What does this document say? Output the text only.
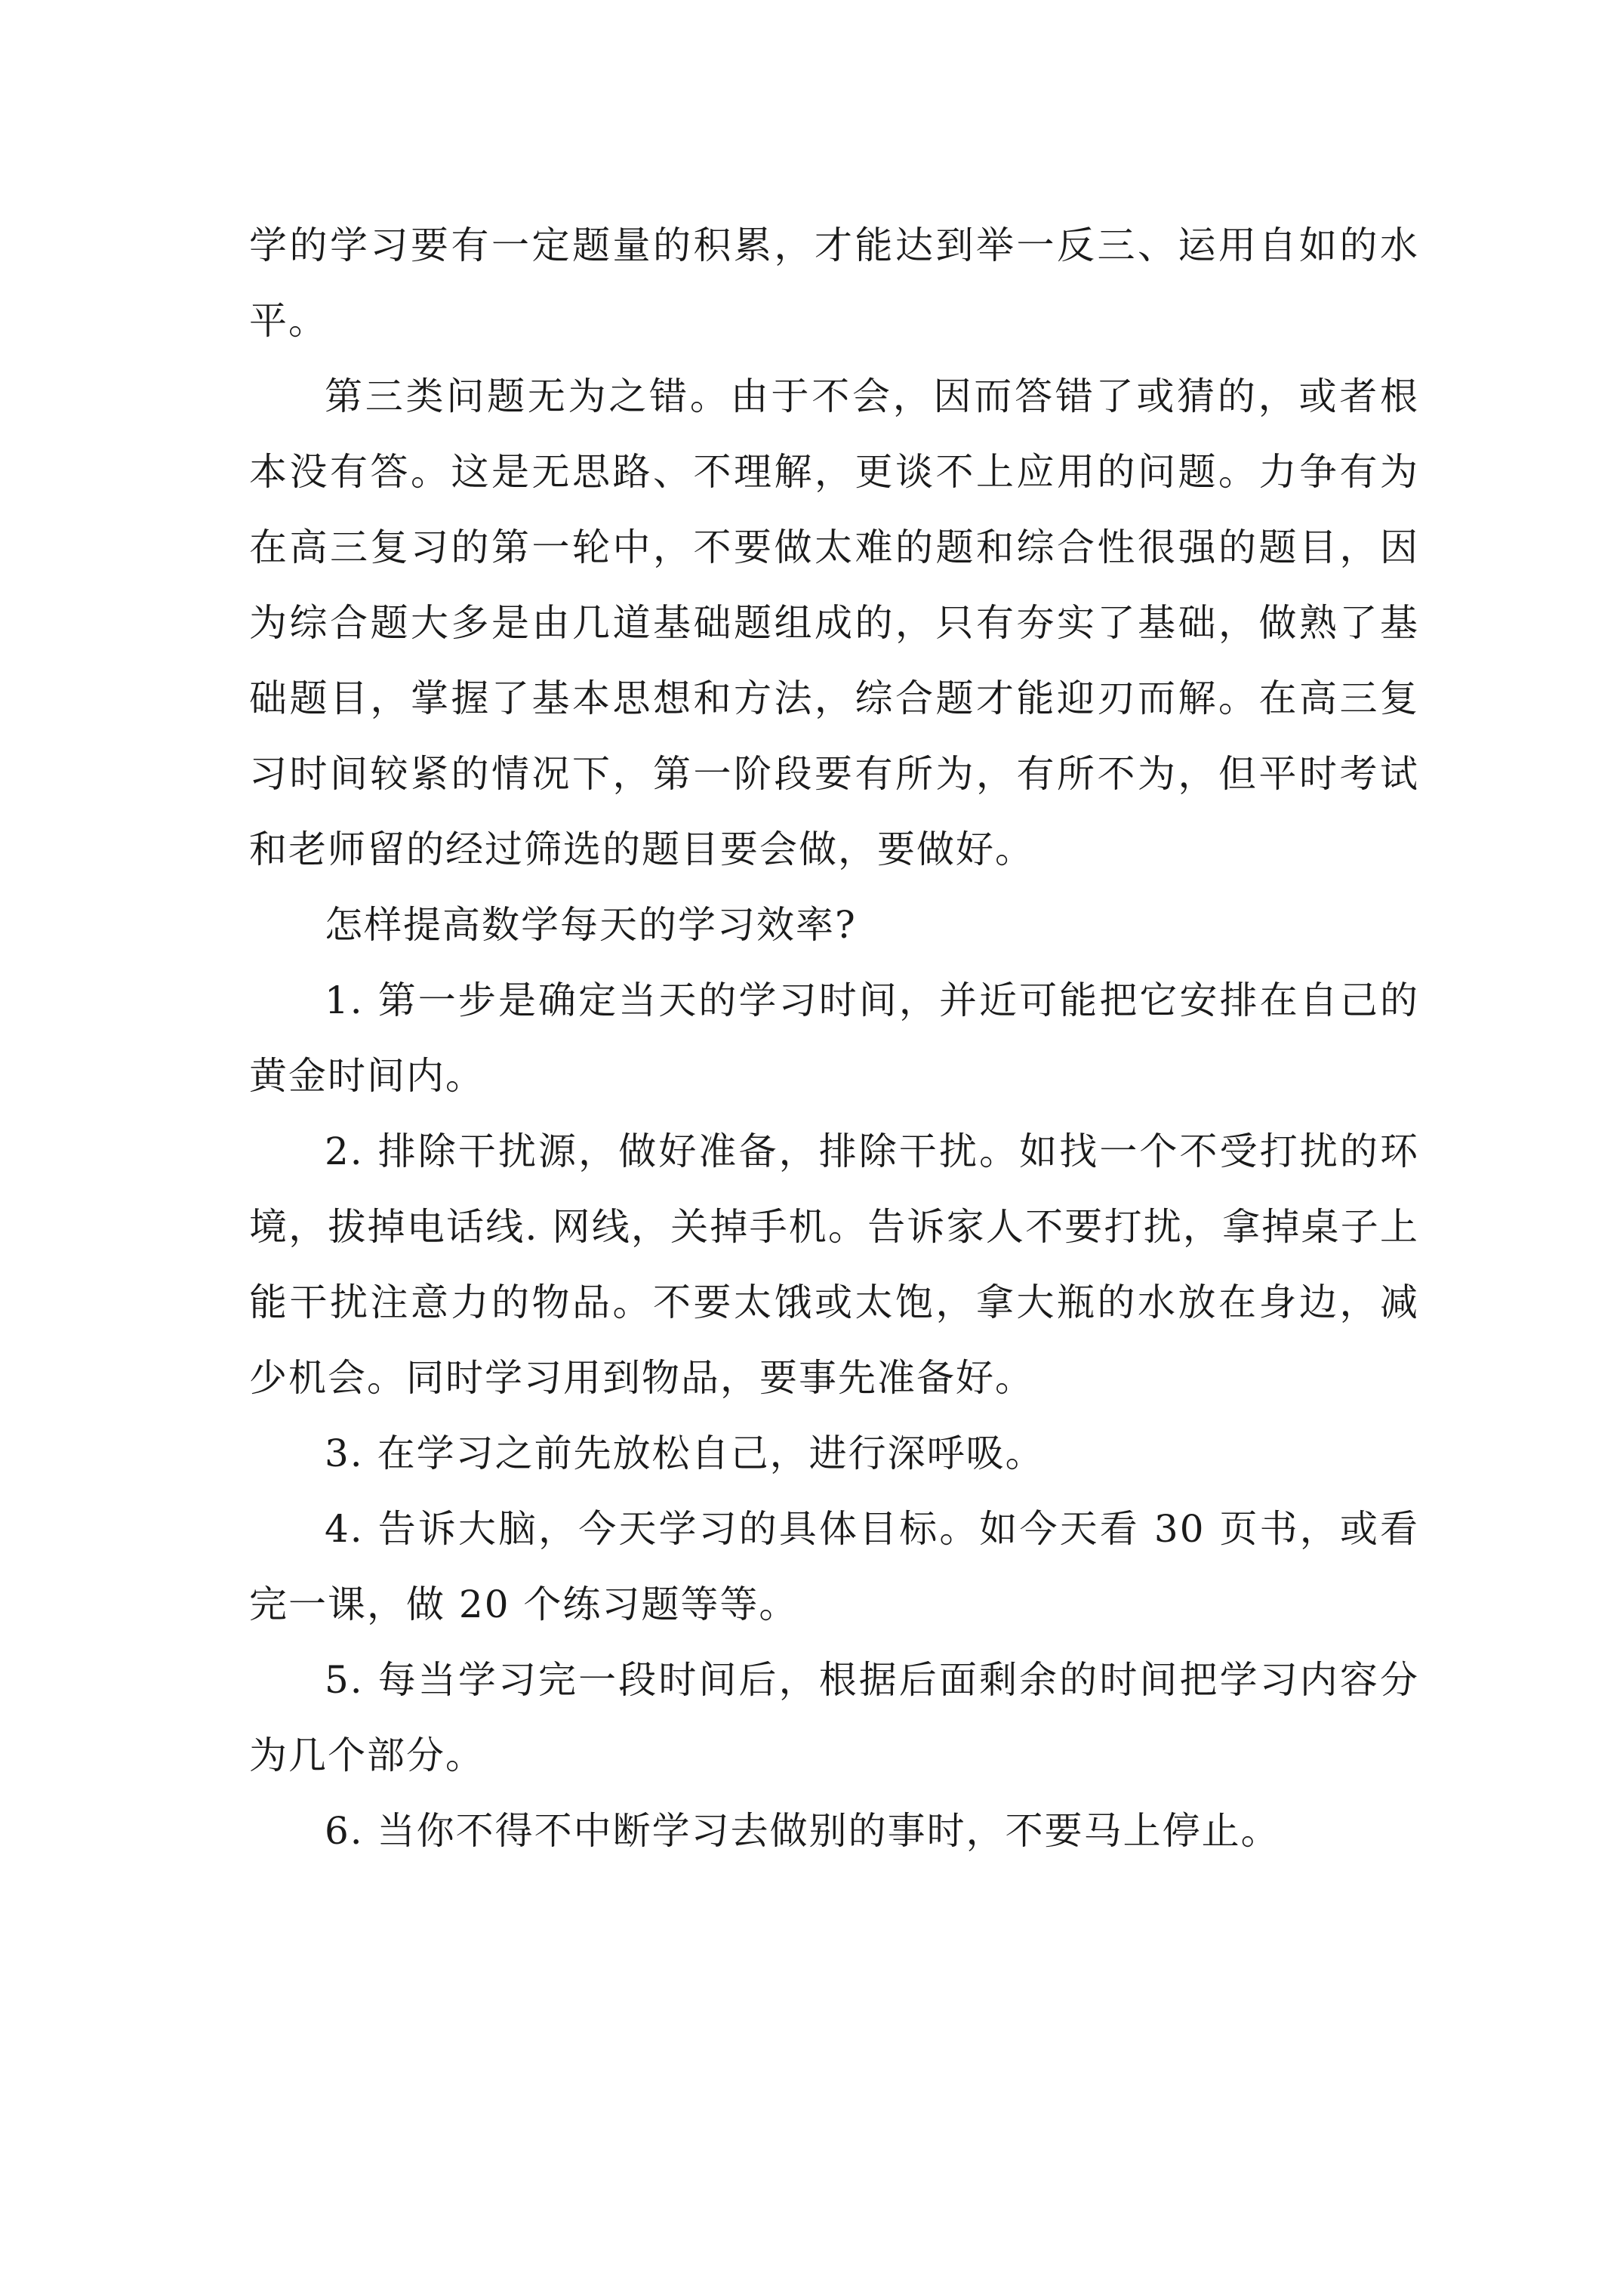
学的学习要有一定题量的积累，才能达到举一反三、运用自如的水平。

第三类问题无为之错。由于不会，因而答错了或猜的，或者根本没有答。这是无思路、不理解，更谈不上应用的问题。力争有为在高三复习的第一轮中，不要做太难的题和综合性很强的题目，因为综合题大多是由几道基础题组成的，只有夯实了基础，做熟了基础题目，掌握了基本思想和方法，综合题才能迎刃而解。在高三复习时间较紧的情况下，第一阶段要有所为，有所不为，但平时考试和老师留的经过筛选的题目要会做，要做好。

怎样提高数学每天的学习效率?

1. 第一步是确定当天的学习时间，并近可能把它安排在自己的黄金时间内。

2. 排除干扰源，做好准备，排除干扰。如找一个不受打扰的环境，拔掉电话线. 网线，关掉手机。告诉家人不要打扰，拿掉桌子上能干扰注意力的物品。不要太饿或太饱，拿大瓶的水放在身边，减少机会。同时学习用到物品，要事先准备好。

3. 在学习之前先放松自己，进行深呼吸。

4. 告诉大脑，今天学习的具体目标。如今天看 30 页书，或看完一课，做 20 个练习题等等。

5. 每当学习完一段时间后，根据后面剩余的时间把学习内容分为几个部分。

6. 当你不得不中断学习去做别的事时，不要马上停止。
